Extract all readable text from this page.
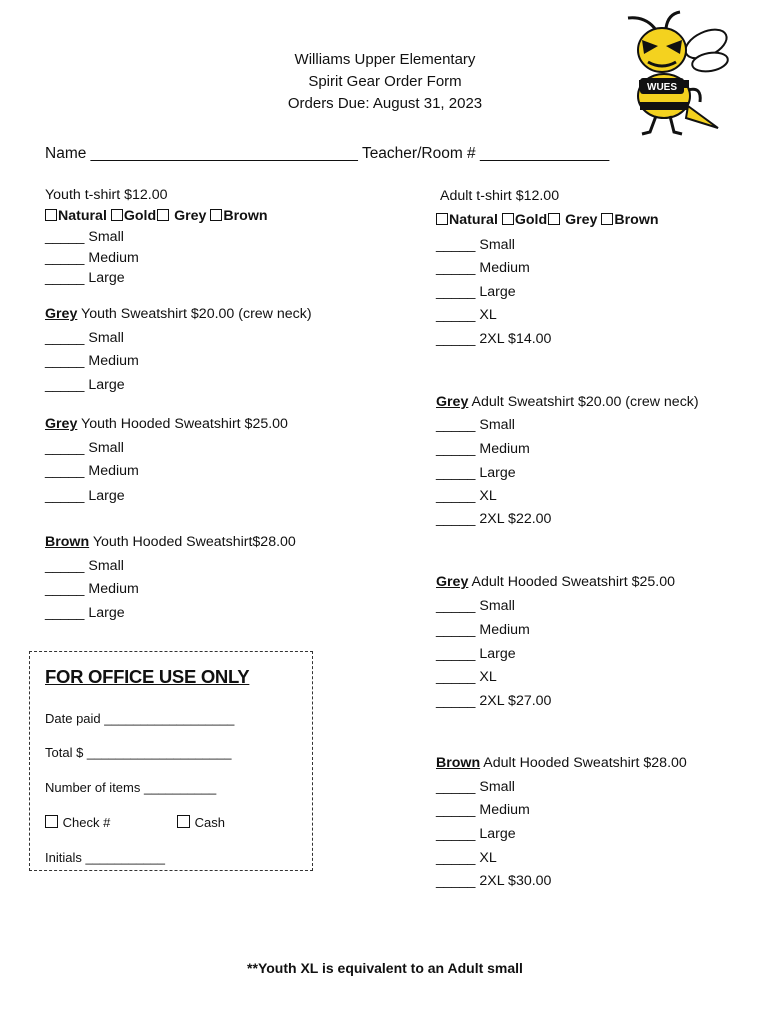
Williams Upper Elementary
Spirit Gear Order Form
Orders Due: August 31, 2023
WUES
Name _______________________________ Teacher/Room # _______________
Youth t-shirt $12.00
Natural Gold Grey Brown
_____ Small
_____ Medium
_____ Large
Grey Youth Sweatshirt $20.00 (crew neck)
_____ Small
_____ Medium
_____ Large
Grey Youth Hooded Sweatshirt $25.00
_____ Small
_____ Medium
_____ Large
Brown Youth Hooded Sweatshirt$28.00
_____ Small
_____ Medium
_____ Large
Adult t-shirt $12.00
Natural Gold Grey Brown
_____ Small
_____ Medium
_____ Large
_____ XL
_____ 2XL $14.00
Grey Adult Sweatshirt $20.00 (crew neck)
_____ Small
_____ Medium
_____ Large
_____ XL
_____ 2XL $22.00
Grey Adult Hooded Sweatshirt $25.00
_____ Small
_____ Medium
_____ Large
_____ XL
_____ 2XL $27.00
Brown Adult Hooded Sweatshirt $28.00
_____ Small
_____ Medium
_____ Large
_____ XL
_____ 2XL $30.00
FOR OFFICE USE ONLY
Date paid __________________
Total $ ____________________
Number of items __________
Check #	Cash
Initials ___________
**Youth XL is equivalent to an Adult small
